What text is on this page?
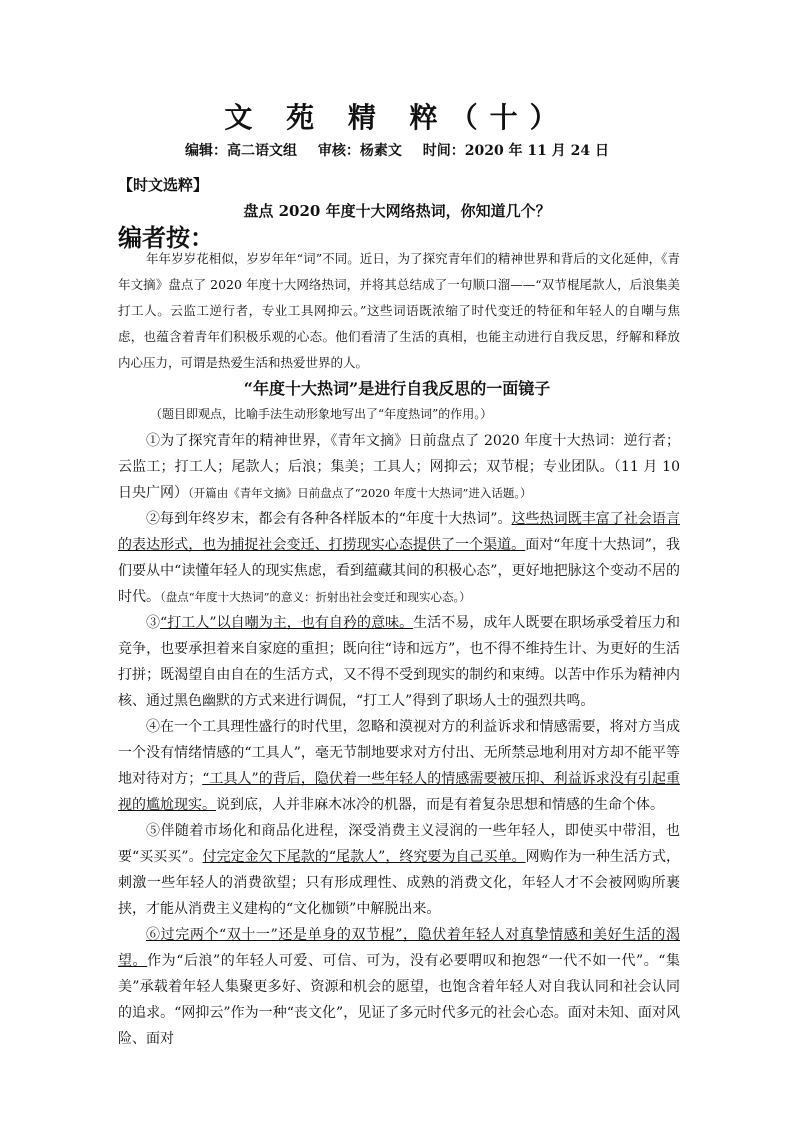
文 苑 精 粹（十）
编辑：高二语文组 审核：杨素文 时间：2020 年 11 月 24 日
【时文选粹】
盘点 2020 年度十大网络热词，你知道几个？
编者按：

年年岁岁花相似，岁岁年年“词”不同。近日，为了探究青年们的精神世界和背后的文化延伸，《青年文摘》盘点了 2020 年度十大网络热词，并将其总结成了一句顺口溜——“双节棍尾款人，后浪集美打工人。云监工逆行者，专业工具网抑云。”这些词语既浓缩了时代变迁的特征和年轻人的自嘲与焦虑，也蕴含着青年们积极乐观的心态。他们看清了生活的真相，也能主动进行自我反思，纾解和释放内心压力，可谓是热爱生活和热爱世界的人。

“年度十大热词”是进行自我反思的一面镜子
（题目即观点，比喻手法生动形象地写出了“年度热词”的作用。）

①为了探究青年的精神世界，《青年文摘》日前盘点了 2020 年度十大热词：逆行者；云监工；打工人；尾款人；后浪；集美；工具人；网抑云；双节棍；专业团队。（11 月 10 日央广网）（开篇由《青年文摘》日前盘点了“2020 年度十大热词”进入话题。）

②每到年终岁末，都会有各种各样版本的“年度十大热词”。这些热词既丰富了社会语言的表达形式，也为捕捉社会变迁、打捞现实心态提供了一个渠道。面对“年度十大热词”，我们要从中“读懂年轻人的现实焦虑，看到蕴藏其间的积极心态”，更好地把脉这个变动不居的时代。（盘点“年度十大热词”的意义：折射出社会变迁和现实心态。）

③“打工人”以自嘲为主，也有自矜的意味。生活不易，成年人既要在职场承受着压力和竞争，也要承担着来自家庭的重担；既向往“诗和远方”，也不得不维持生计、为更好的生活打拼；既渴望自由自在的生活方式，又不得不受到现实的制约和束缚。以苦中作乐为精神内核、通过黑色幽默的方式来进行调侃，“打工人”得到了职场人士的强烈共鸣。

④在一个工具理性盛行的时代里，忽略和漠视对方的利益诉求和情感需要，将对方当成一个没有情绪情感的“工具人”，毫无节制地要求对方付出、无所禁忌地利用对方却不能平等地对待对方；“工具人”的背后，隐伏着一些年轻人的情感需要被压抑、利益诉求没有引起重视的尴尬现实。说到底，人并非麻木冰冷的机器，而是有着复杂思想和情感的生命个体。

⑤伴随着市场化和商品化进程，深受消费主义浸润的一些年轻人，即使买中带泪，也要“买买买”。付完定金欠下尾款的“尾款人”，终究要为自己买单。网购作为一种生活方式，刺激一些年轻人的消费欲望；只有形成理性、成熟的消费文化，年轻人才不会被网购所裹挟，才能从消费主义建构的“文化枷锁”中解脱出来。

⑥过完两个“双十一”还是单身的双节棍”，隐伏着年轻人对真挚情感和美好生活的渴望。作为“后浪”的年轻人可爱、可信、可为，没有必要喟叹和抱怨“一代不如一代”。“集美”承载着年轻人集聚更多好、资源和机会的愿望，也饱含着年轻人对自我认同和社会认同的追求。“网抑云”作为一种“丧文化”，见证了多元时代多元的社会心态。面对未知、面对风险、面对
